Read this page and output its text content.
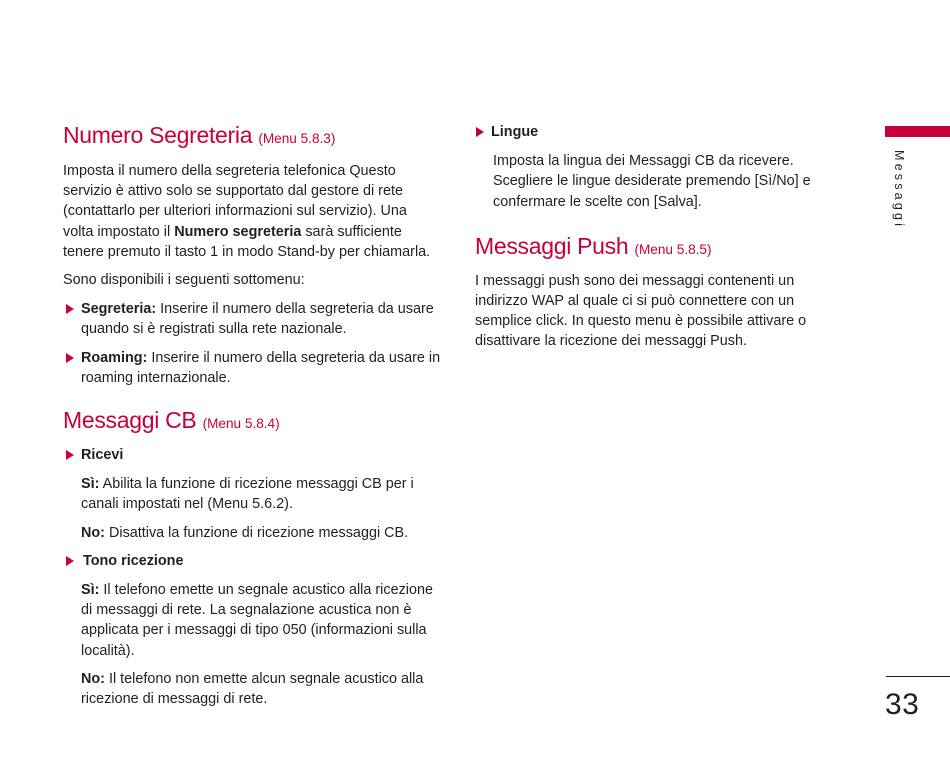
Numero Segreteria (Menu 5.8.3)

Imposta il numero della segreteria telefonica Questo servizio è attivo solo se supportato dal gestore di rete (contattarlo per ulteriori informazioni sul servizio). Una volta impostato il Numero segreteria sarà sufficiente tenere premuto il tasto 1 in modo Stand-by per chiamarla.

Sono disponibili i seguenti sottomenu:

Segreteria: Inserire il numero della segreteria da usare quando si è registrati sulla rete nazionale.

Roaming: Inserire il numero della segreteria da usare in roaming internazionale.

Messaggi CB (Menu 5.8.4)

Ricevi

Sì: Abilita la funzione di ricezione messaggi CB per i canali impostati nel (Menu 5.6.2).

No: Disattiva la funzione di ricezione messaggi CB.

Tono ricezione

Sì: Il telefono emette un segnale acustico alla ricezione di messaggi di rete. La segnalazione acustica non è applicata per i messaggi di tipo 050 (informazioni sulla località).

No: Il telefono non emette alcun segnale acustico alla ricezione di messaggi di rete.

Lingue

Imposta la lingua dei Messaggi CB da ricevere. Scegliere le lingue desiderate premendo [Sì/No] e confermare le scelte con [Salva].

Messaggi Push (Menu 5.8.5)

I messaggi push sono dei messaggi contenenti un indirizzo WAP al quale ci si può connettere con un semplice click. In questo menu è possibile attivare o disattivare la ricezione dei messaggi Push.

Messaggi
33
